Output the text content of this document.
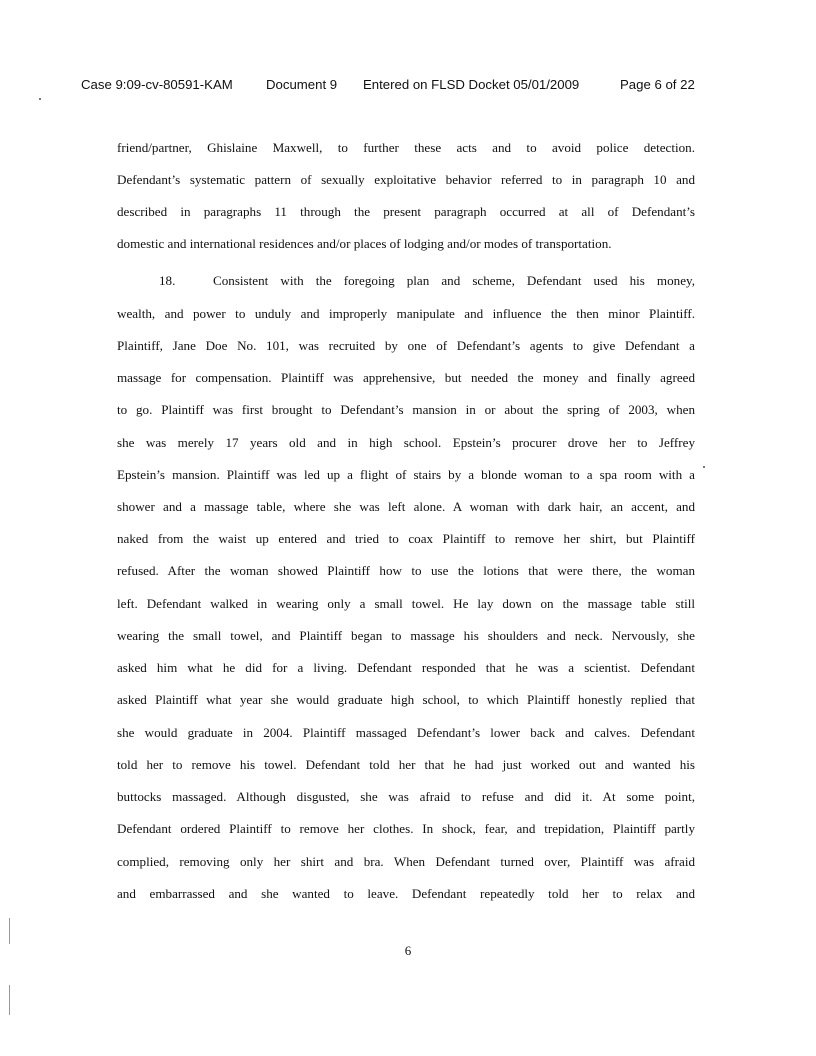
Case 9:09-cv-80591-KAM	Document 9 Entered on FLSD Docket 05/01/2009	Page 6 of 22
friend/partner, Ghislaine Maxwell, to further these acts and to avoid police detection.
Defendant’s systematic pattern of sexually exploitative behavior referred to in paragraph 10 and
described in paragraphs 11 through the present paragraph occurred at all of Defendant’s
domestic and international residences and/or places of lodging and/or modes of transportation.
18.	Consistent with the foregoing plan and scheme, Defendant used his money,
wealth, and power to unduly and improperly manipulate and influence the then minor Plaintiff.
Plaintiff, Jane Doe No. 101, was recruited by one of Defendant’s agents to give Defendant a
massage for compensation. Plaintiff was apprehensive, but needed the money and finally agreed
to go. Plaintiff was first brought to Defendant’s mansion in or about the spring of 2003, when
she was merely 17 years old and in high school. Epstein’s procurer drove her to Jeffrey
Epstein’s mansion. Plaintiff was led up a flight of stairs by a blonde woman to a spa room with a
shower and a massage table, where she was left alone. A woman with dark hair, an accent, and
naked from the waist up entered and tried to coax Plaintiff to remove her shirt, but Plaintiff
refused. After the woman showed Plaintiff how to use the lotions that were there, the woman
left. Defendant walked in wearing only a small towel. He lay down on the massage table still
wearing the small towel, and Plaintiff began to massage his shoulders and neck. Nervously, she
asked him what he did for a living. Defendant responded that he was a scientist. Defendant
asked Plaintiff what year she would graduate high school, to which Plaintiff honestly replied that
she would graduate in 2004. Plaintiff massaged Defendant’s lower back and calves. Defendant
told her to remove his towel. Defendant told her that he had just worked out and wanted his
buttocks massaged. Although disgusted, she was afraid to refuse and did it. At some point,
Defendant ordered Plaintiff to remove her clothes. In shock, fear, and trepidation, Plaintiff partly
complied, removing only her shirt and bra. When Defendant turned over, Plaintiff was afraid
and embarrassed and she wanted to leave. Defendant repeatedly told her to relax and
6
